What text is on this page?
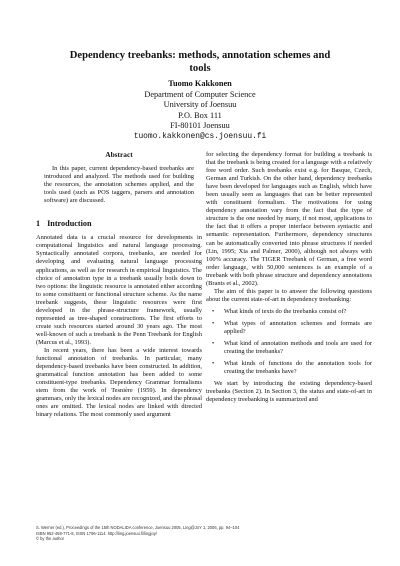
Dependency treebanks: methods, annotation schemes and
tools
Tuomo Kakkonen
Department of Computer Science
University of Joensuu
P.O. Box 111
FI-80101 Joensuu
tuomo.kakkonen@cs.joensuu.fi
Abstract

In this paper, current dependency-based treebanks are introduced and analyzed. The methods used for building the resources, the annotation schemes applied, and the tools used (such as POS taggers, parsers and annotation software) are discussed.

1 Introduction

Annotated data is a crucial resource for developments in computational linguistics and natural language processing. Syntactically annotated corpora, treebanks, are needed for developing and evaluating natural language processing applications, as well as for research in empirical linguistics. The choice of annotation type in a treebank usually boils down to two options: the linguistic resource is annotated either according to some constituent or functional structure scheme. As the name treebank suggests, these linguistic resources were first developed in the phrase-structure framework, usually represented as tree-shaped constructions. The first efforts to create such resources started around 30 years ago. The most well-known of such a treebank is the Penn Treebank for English (Marcus et al., 1993).

In recent years, there has been a wide interest towards functional annotation of treebanks. In particular, many dependency-based treebanks have been constructed. In addition, grammatical function annotation has been added to some constituent-type treebanks. Dependency Grammar formalisms stem from the work of Tesnière (1959). In dependency grammars, only the lexical nodes are recognized, and the phrasal ones are omitted. The lexical nodes are linked with directed binary relations. The most commonly used argument

for selecting the dependency format for building a treebank is that the treebank is being created for a language with a relatively free word order. Such treebanks exist e.g. for Basque, Czech, German and Turkish. On the other hand, dependency treebanks have been developed for languages such as English, which have been usually seen as languages that can be better represented with constituent formalism. The motivations for using dependency annotation vary from the fact that the type of structure is the one needed by many, if not most, applications to the fact that it offers a proper interface between syntactic and semantic representation. Furthermore, dependency structures can be automatically converted into phrase structures if needed (Lin, 1995; Xia and Palmer, 2000), although not always with 100% accuracy. The TIGER Treebank of German, a free word order language, with 50,000 sentences is an example of a treebank with both phrase structure and dependency annotations (Brants et al., 2002).

The aim of this paper is to answer the following questions about the current state-of-art in dependency treebanking:

• What kinds of texts do the treebanks consist of?
• What types of annotation schemes and formats are applied?
• What kind of annotation methods and tools are used for creating the treebanks?
• What kinds of functions do the annotation tools for creating the treebanks have?

We start by introducing the existing dependency-based treebanks (Section 2). In Section 3, the status and state-of-art in dependency treebanking is summarized and

S. Werner (ed.), Proceedings of the 15th NODALIDA conference, Joensuu 2005, Ling@JoY 1, 2006, pp. 94–104
ISBN 952-458-771-8, ISSN 1796-1114. http://ling.joensuu.fi/lingjoy/
© by the author
